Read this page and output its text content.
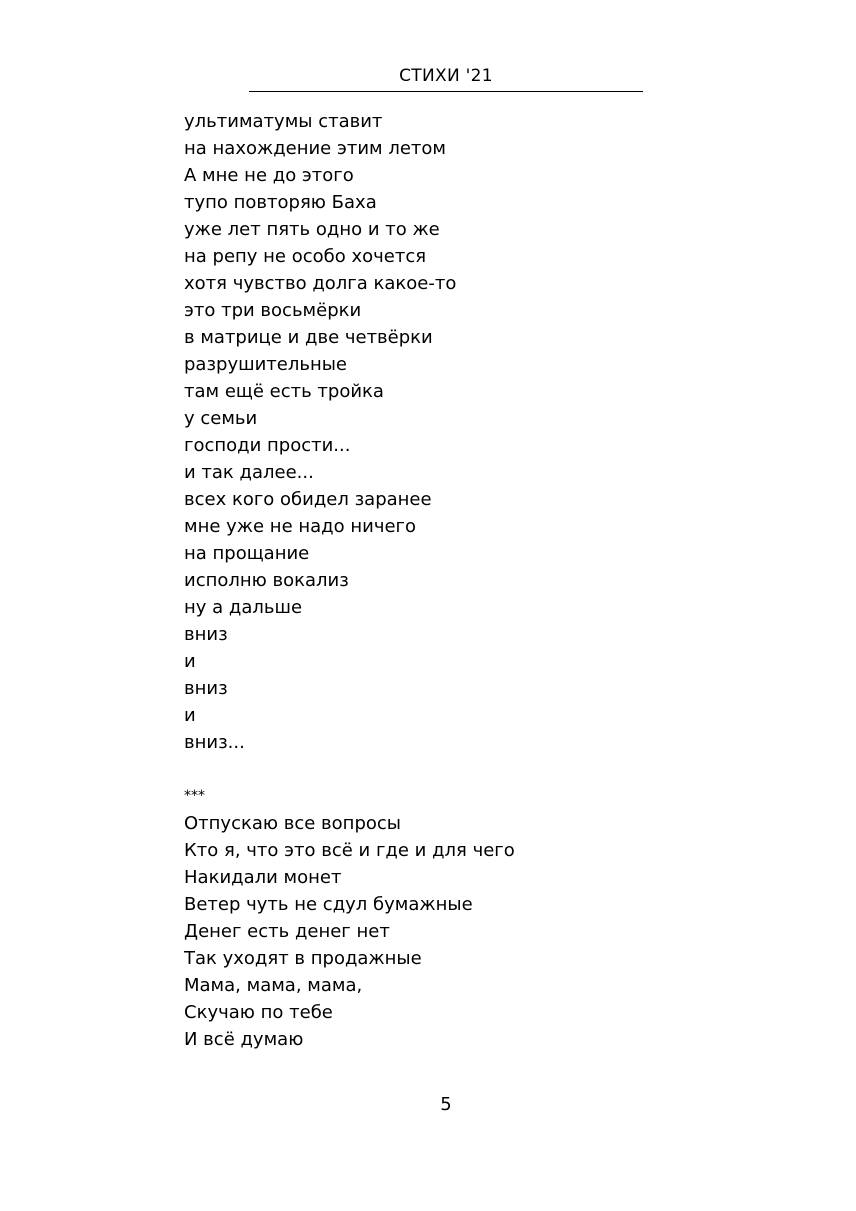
СТИХИ '21
ультиматумы ставит
на нахождение этим летом
А мне не до этого
тупо повторяю Баха
уже лет пять одно и то же
на репу не особо хочется
хотя чувство долга какое-то
это три восьмёрки
в матрице и две четвёрки
разрушительные
там ещё есть тройка
у семьи
господи прости...
и так далее...
всех кого обидел заранее
мне уже не надо ничего
на прощание
исполню вокализ
ну а дальше
вниз
и
вниз
и
вниз...
***
Отпускаю все вопросы
Кто я, что это всё и где и для чего
Накидали монет
Ветер чуть не сдул бумажные
Денег есть денег нет
Так уходят в продажные
Мама, мама, мама,
Скучаю по тебе
И всё думаю
5
